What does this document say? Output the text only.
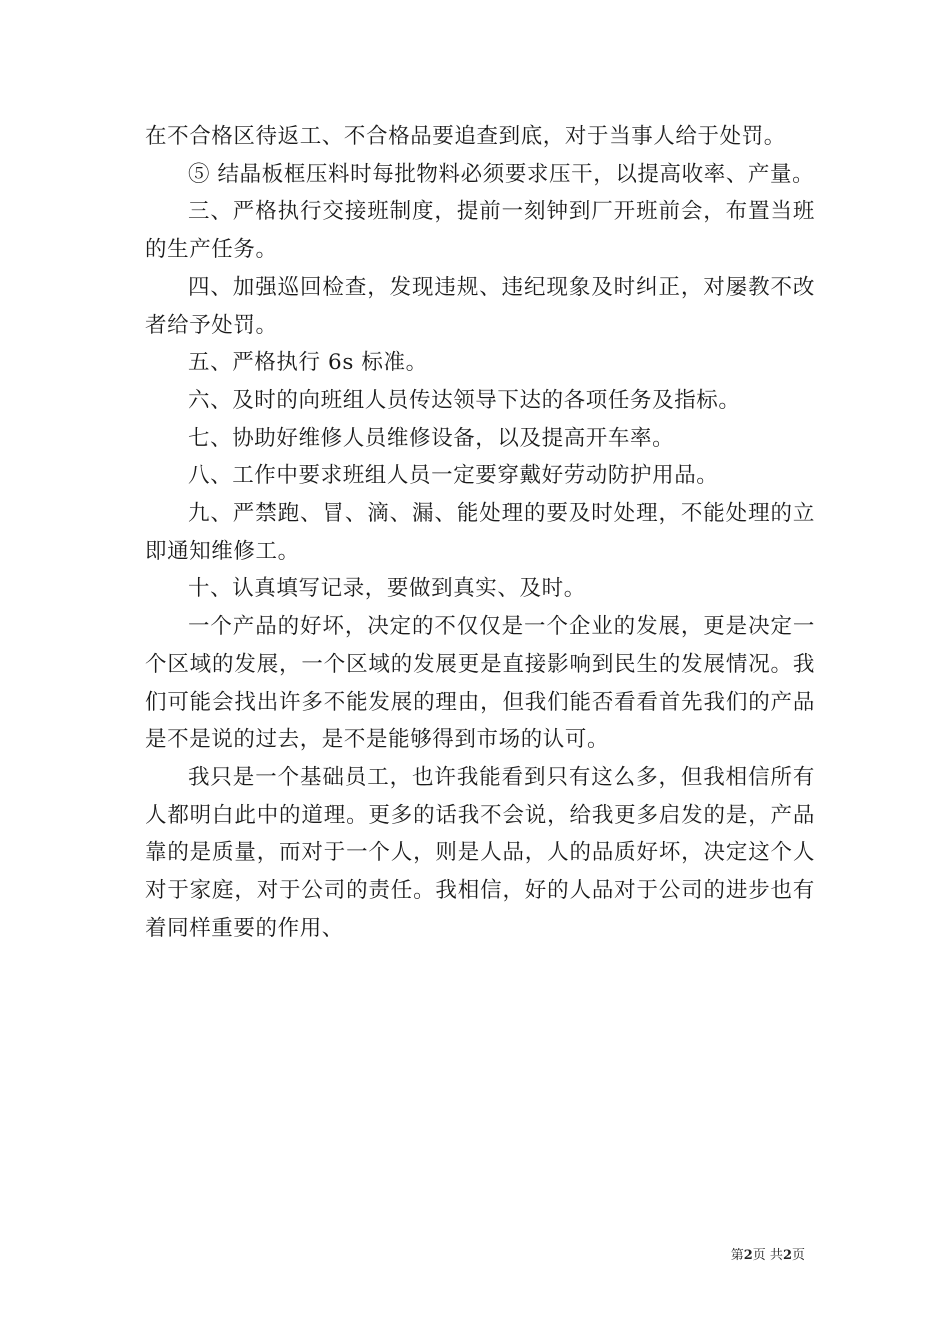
在不合格区待返工、不合格品要追查到底，对于当事人给于处罚。

⑤ 结晶板框压料时每批物料必须要求压干，以提高收率、产量。

三、严格执行交接班制度，提前一刻钟到厂开班前会，布置当班的生产任务。

四、加强巡回检查，发现违规、违纪现象及时纠正，对屡教不改者给予处罚。

五、严格执行 6s 标准。

六、及时的向班组人员传达领导下达的各项任务及指标。

七、协助好维修人员维修设备，以及提高开车率。

八、工作中要求班组人员一定要穿戴好劳动防护用品。

九、严禁跑、冒、滴、漏、能处理的要及时处理，不能处理的立即通知维修工。

十、认真填写记录，要做到真实、及时。

一个产品的好坏，决定的不仅仅是一个企业的发展，更是决定一个区域的发展，一个区域的发展更是直接影响到民生的发展情况。我们可能会找出许多不能发展的理由，但我们能否看看首先我们的产品是不是说的过去，是不是能够得到市场的认可。

我只是一个基础员工，也许我能看到只有这么多，但我相信所有人都明白此中的道理。更多的话我不会说，给我更多启发的是，产品靠的是质量，而对于一个人，则是人品，人的品质好坏，决定这个人对于家庭，对于公司的责任。我相信，好的人品对于公司的进步也有着同样重要的作用、

第2页 共2页
